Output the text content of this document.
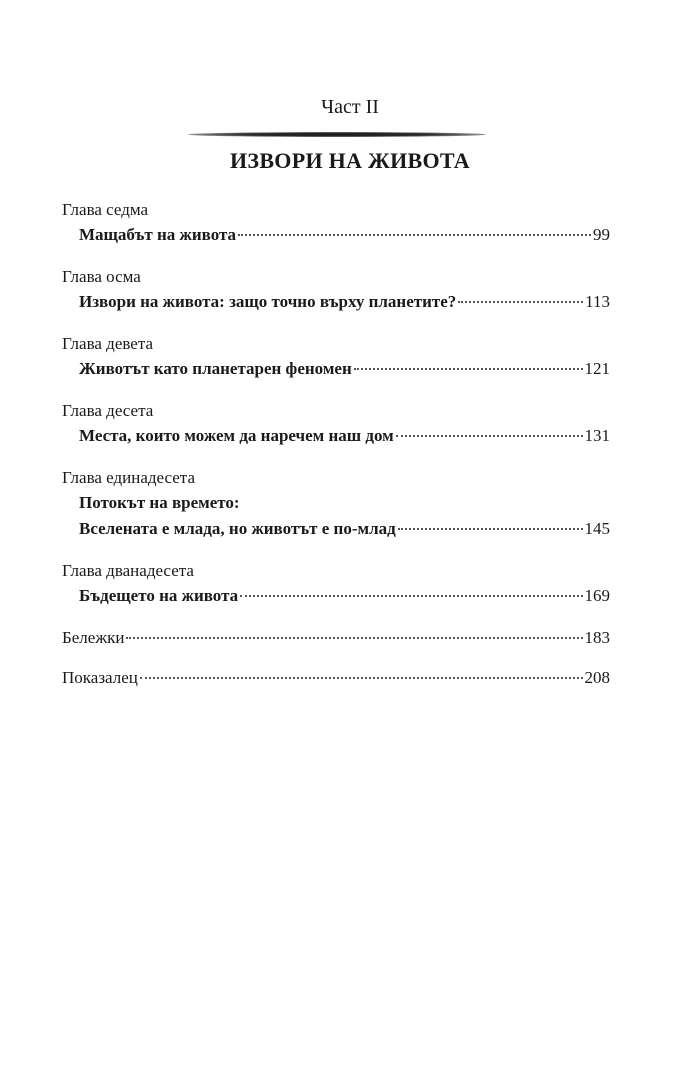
Част II
ИЗВОРИ НА ЖИВОТА
Глава седма
Мащабът на живота	99
Глава осма
Извори на живота: защо точно върху планетите?	113
Глава девета
Животът като планетарен феномен	121
Глава десета
Места, които можем да наречем наш дом	131
Глава единадесета
Потокът на времето:
Вселената е млада, но животът е по-млад	145
Глава дванадесета
Бъдещето на живота	169
Бележки	183
Показалец	208
